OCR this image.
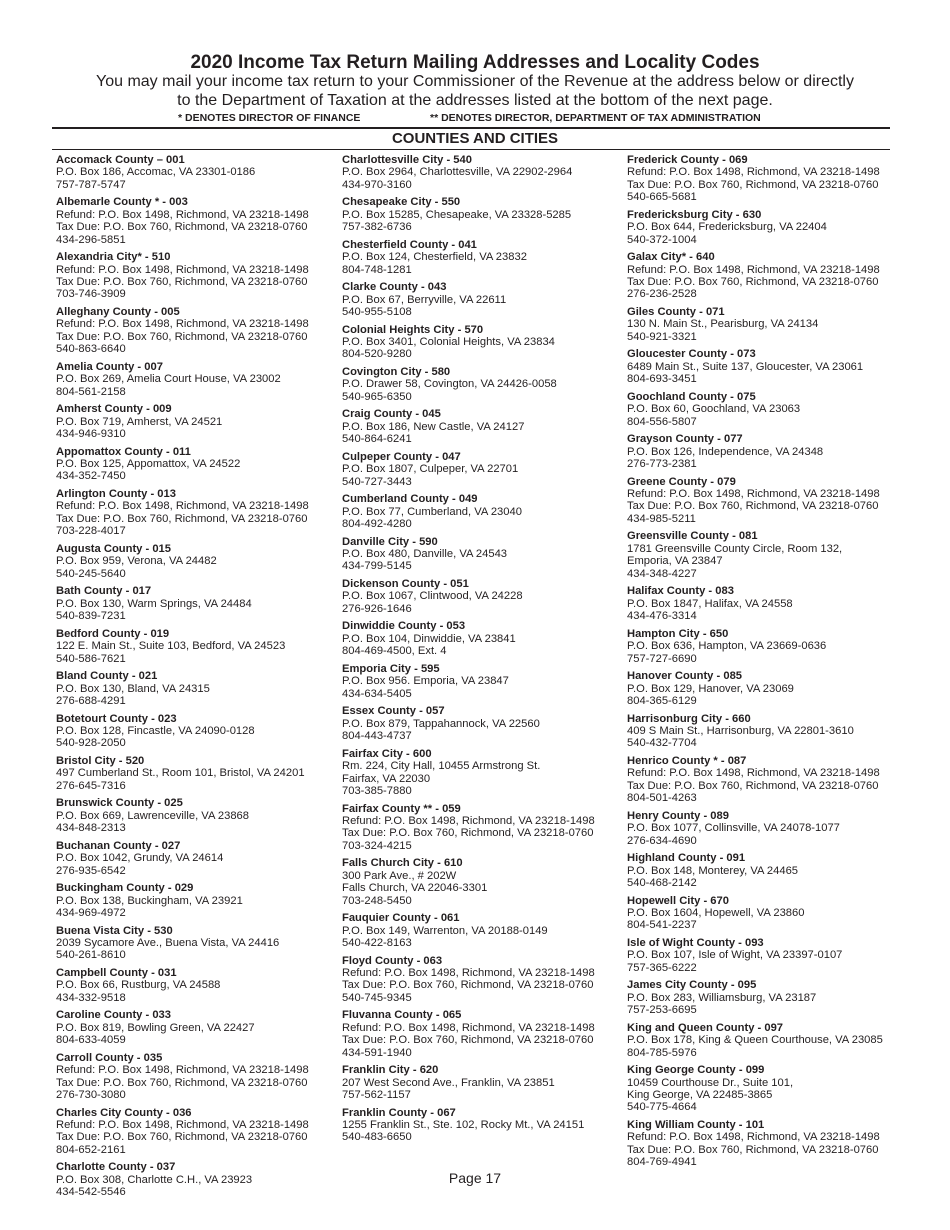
2020 Income Tax Return Mailing Addresses and Locality Codes
You may mail your income tax return to your Commissioner of the Revenue at the address below or directly to the Department of Taxation at the addresses listed at the bottom of the next page.
* DENOTES DIRECTOR OF FINANCE	** DENOTES DIRECTOR, DEPARTMENT OF TAX ADMINISTRATION
COUNTIES AND CITIES
Accomack County – 001
P.O. Box 186, Accomac, VA 23301-0186
757-787-5747
Albemarle County * - 003
Refund: P.O. Box 1498, Richmond, VA 23218-1498
Tax Due: P.O. Box 760, Richmond, VA 23218-0760
434-296-5851
Alexandria City* - 510
Refund: P.O. Box 1498, Richmond, VA 23218-1498
Tax Due: P.O. Box 760, Richmond, VA 23218-0760
703-746-3909
Alleghany County - 005
Refund: P.O. Box 1498, Richmond, VA 23218-1498
Tax Due: P.O. Box 760, Richmond, VA 23218-0760
540-863-6640
Amelia County - 007
P.O. Box 269, Amelia Court House, VA 23002
804-561-2158
Amherst County - 009
P.O. Box 719, Amherst, VA 24521
434-946-9310
Appomattox County - 011
P.O. Box 125, Appomattox, VA 24522
434-352-7450
Arlington County - 013
Refund: P.O. Box 1498, Richmond, VA 23218-1498
Tax Due: P.O. Box 760, Richmond, VA 23218-0760
703-228-4017
Augusta County - 015
P.O. Box 959, Verona, VA 24482
540-245-5640
Bath County - 017
P.O. Box 130, Warm Springs, VA 24484
540-839-7231
Bedford County - 019
122 E. Main St., Suite 103, Bedford, VA 24523
540-586-7621
Bland County - 021
P.O. Box 130, Bland, VA 24315
276-688-4291
Botetourt County - 023
P.O. Box 128, Fincastle, VA 24090-0128
540-928-2050
Bristol City - 520
497 Cumberland St., Room 101, Bristol, VA 24201
276-645-7316
Brunswick County - 025
P.O. Box 669, Lawrenceville, VA 23868
434-848-2313
Buchanan County - 027
P.O. Box 1042, Grundy, VA 24614
276-935-6542
Buckingham County - 029
P.O. Box 138, Buckingham, VA 23921
434-969-4972
Buena Vista City - 530
2039 Sycamore Ave., Buena Vista, VA 24416
540-261-8610
Campbell County - 031
P.O. Box 66, Rustburg, VA 24588
434-332-9518
Caroline County - 033
P.O. Box 819, Bowling Green, VA 22427
804-633-4059
Carroll County - 035
Refund: P.O. Box 1498, Richmond, VA 23218-1498
Tax Due: P.O. Box 760, Richmond, VA 23218-0760
276-730-3080
Charles City County - 036
Refund: P.O. Box 1498, Richmond, VA 23218-1498
Tax Due: P.O. Box 760, Richmond, VA 23218-0760
804-652-2161
Charlotte County - 037
P.O. Box 308, Charlotte C.H., VA 23923
434-542-5546
Charlottesville City - 540
P.O. Box 2964, Charlottesville, VA 22902-2964
434-970-3160
Chesapeake City - 550
P.O. Box 15285, Chesapeake, VA 23328-5285
757-382-6736
Chesterfield County - 041
P.O. Box 124, Chesterfield, VA 23832
804-748-1281
Clarke County - 043
P.O. Box 67, Berryville, VA 22611
540-955-5108
Colonial Heights City - 570
P.O. Box 3401, Colonial Heights, VA 23834
804-520-9280
Covington City - 580
P.O. Drawer 58, Covington, VA 24426-0058
540-965-6350
Craig County - 045
P.O. Box 186, New Castle, VA 24127
540-864-6241
Culpeper County - 047
P.O. Box 1807, Culpeper, VA 22701
540-727-3443
Cumberland County - 049
P.O. Box 77, Cumberland, VA 23040
804-492-4280
Danville City - 590
P.O. Box 480, Danville, VA 24543
434-799-5145
Dickenson County - 051
P.O. Box 1067, Clintwood, VA 24228
276-926-1646
Dinwiddie County - 053
P.O. Box 104, Dinwiddie, VA 23841
804-469-4500, Ext. 4
Emporia City - 595
P.O. Box 956. Emporia, VA 23847
434-634-5405
Essex County - 057
P.O. Box 879, Tappahannock, VA 22560
804-443-4737
Fairfax City - 600
Rm. 224, City Hall, 10455 Armstrong St.
Fairfax, VA 22030
703-385-7880
Fairfax County ** - 059
Refund: P.O. Box 1498, Richmond, VA 23218-1498
Tax Due: P.O. Box 760, Richmond, VA 23218-0760
703-324-4215
Falls Church City - 610
300 Park Ave., # 202W
Falls Church, VA 22046-3301
703-248-5450
Fauquier County - 061
P.O. Box 149, Warrenton, VA 20188-0149
540-422-8163
Floyd County - 063
Refund: P.O. Box 1498, Richmond, VA 23218-1498
Tax Due: P.O. Box 760, Richmond, VA 23218-0760
540-745-9345
Fluvanna County - 065
Refund: P.O. Box 1498, Richmond, VA 23218-1498
Tax Due: P.O. Box 760, Richmond, VA 23218-0760
434-591-1940
Franklin City - 620
207 West Second Ave., Franklin, VA 23851
757-562-1157
Franklin County - 067
1255 Franklin St., Ste. 102, Rocky Mt., VA 24151
540-483-6650
Frederick County - 069
Refund: P.O. Box 1498, Richmond, VA 23218-1498
Tax Due: P.O. Box 760, Richmond, VA 23218-0760
540-665-5681
Fredericksburg City - 630
P.O. Box 644, Fredericksburg, VA 22404
540-372-1004
Galax City* - 640
Refund: P.O. Box 1498, Richmond, VA 23218-1498
Tax Due: P.O. Box 760, Richmond, VA 23218-0760
276-236-2528
Giles County - 071
130 N. Main St., Pearisburg, VA 24134
540-921-3321
Gloucester County - 073
6489 Main St., Suite 137, Gloucester, VA 23061
804-693-3451
Goochland County - 075
P.O. Box 60, Goochland, VA 23063
804-556-5807
Grayson County - 077
P.O. Box 126, Independence, VA 24348
276-773-2381
Greene County - 079
Refund: P.O. Box 1498, Richmond, VA 23218-1498
Tax Due: P.O. Box 760, Richmond, VA 23218-0760
434-985-5211
Greensville County - 081
1781 Greensville County Circle, Room 132,
Emporia, VA 23847
434-348-4227
Halifax County - 083
P.O. Box 1847, Halifax, VA 24558
434-476-3314
Hampton City - 650
P.O. Box 636, Hampton, VA 23669-0636
757-727-6690
Hanover County - 085
P.O. Box 129, Hanover, VA 23069
804-365-6129
Harrisonburg City - 660
409 S Main St., Harrisonburg, VA 22801-3610
540-432-7704
Henrico County * - 087
Refund: P.O. Box 1498, Richmond, VA 23218-1498
Tax Due: P.O. Box 760, Richmond, VA 23218-0760
804-501-4263
Henry County - 089
P.O. Box 1077, Collinsville, VA 24078-1077
276-634-4690
Highland County - 091
P.O. Box 148, Monterey, VA 24465
540-468-2142
Hopewell City - 670
P.O. Box 1604, Hopewell, VA 23860
804-541-2237
Isle of Wight County - 093
P.O. Box 107, Isle of Wight, VA 23397-0107
757-365-6222
James City County - 095
P.O. Box 283, Williamsburg, VA 23187
757-253-6695
King and Queen County - 097
P.O. Box 178, King & Queen Courthouse, VA 23085
804-785-5976
King George County - 099
10459 Courthouse Dr., Suite 101,
King George, VA 22485-3865
540-775-4664
King William County - 101
Refund: P.O. Box 1498, Richmond, VA 23218-1498
Tax Due: P.O. Box 760, Richmond, VA 23218-0760
804-769-4941
Page 17
